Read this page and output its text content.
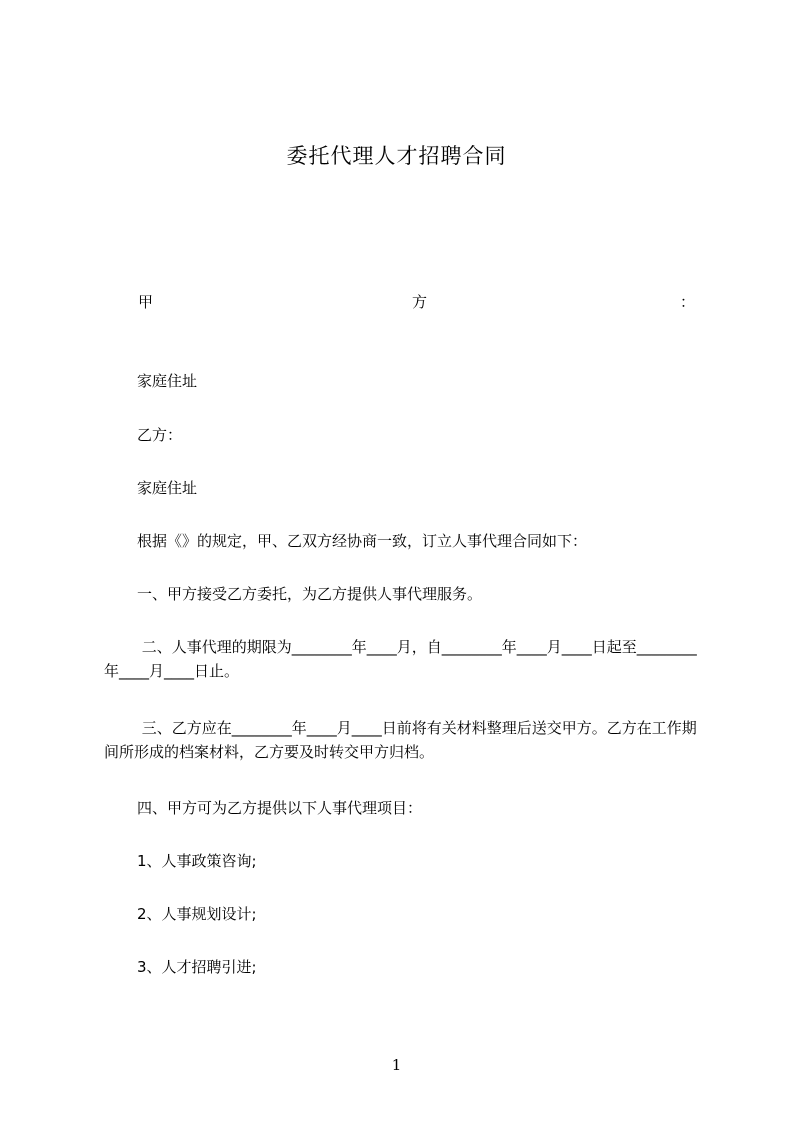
委托代理人才招聘合同
甲	方	：
家庭住址
乙方：
家庭住址
根据《》的规定，甲、乙双方经协商一致，订立人事代理合同如下：
一、甲方接受乙方委托，为乙方提供人事代理服务。
二、人事代理的期限为________年____月，自________年____月____日起至________年____月____日止。
三、乙方应在________年____月____日前将有关材料整理后送交甲方。乙方在工作期间所形成的档案材料，乙方要及时转交甲方归档。
四、甲方可为乙方提供以下人事代理项目：
1、人事政策咨询;
2、人事规划设计;
3、人才招聘引进;
1
